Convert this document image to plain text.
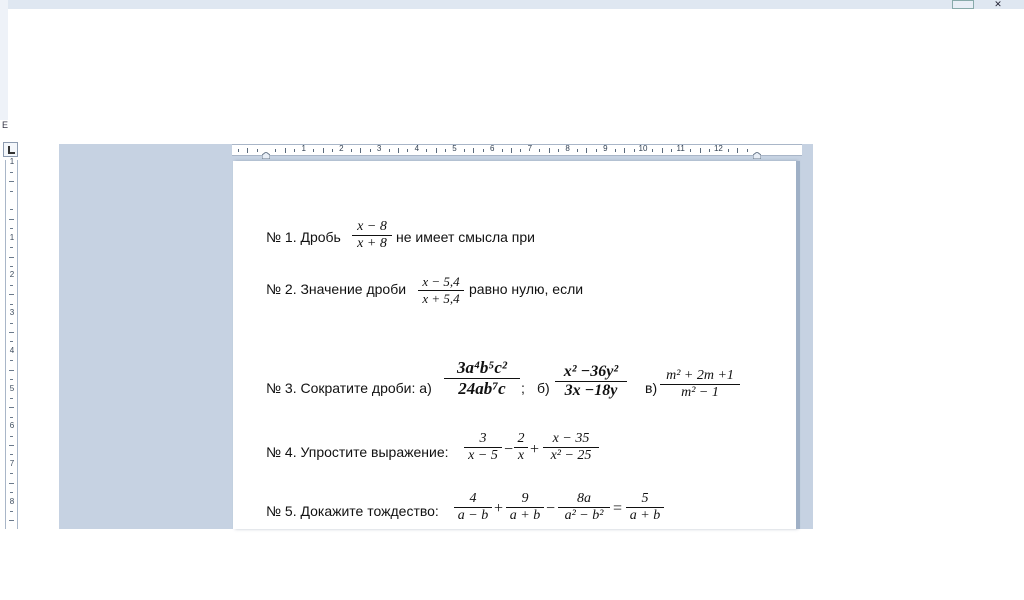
✕
E
1
1
2
3
4
5
6
7
8
1	2	3	4	5	6	7	8	9	10	11	12
№ 1. Дробь
x − 8
x + 8 не имеет смысла при
№ 2. Значение дроби	x − 5,4
x + 5,4
равно нулю, если
№ 3. Сократите дроби: а)
3a⁴b⁵c²
24ab⁷c	; б)
x² −36y²
3x −18y	в)
m² + 2m +1
m² − 1
№ 4. Упростите выражение:
3
x − 5 −
2
x +
x − 35
x² − 25
№ 5. Докажите тождество:
4
a − b +
9
a + b −
8a
a² − b² =
5
a + b
